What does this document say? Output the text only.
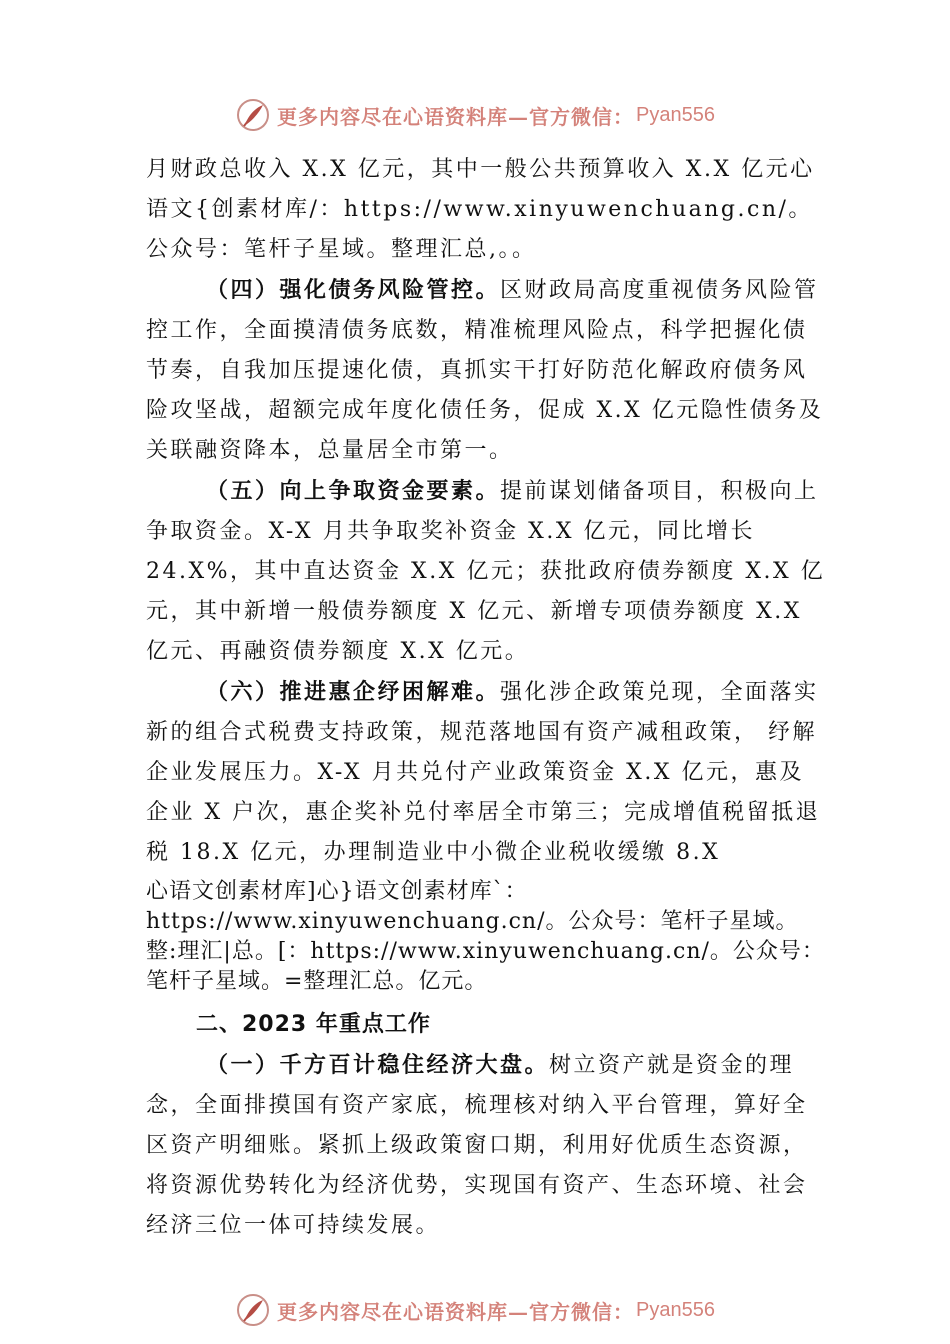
更多内容尽在心语资料库—官方微信： Pyan556

月财政总收入 X.X 亿元，其中一般公共预算收入 X.X 亿元心语文{创素材库/：https://www.xinyuwenchuang.cn/。公众号：笔杆子星域。整理汇总,。。

（四）强化债务风险管控。区财政局高度重视债务风险管控工作，全面摸清债务底数，精准梳理风险点，科学把握化债节奏，自我加压提速化债，真抓实干打好防范化解政府债务风险攻坚战，超额完成年度化债任务，促成 X.X 亿元隐性债务及关联融资降本，总量居全市第一。

（五）向上争取资金要素。提前谋划储备项目，积极向上争取资金。X-X 月共争取奖补资金 X.X 亿元，同比增长 24.X%，其中直达资金 X.X 亿元；获批政府债券额度 X.X 亿元，其中新增一般债券额度 X 亿元、新增专项债券额度 X.X 亿元、再融资债券额度 X.X 亿元。

（六）推进惠企纾困解难。强化涉企政策兑现，全面落实新的组合式税费支持政策，规范落地国有资产减租政策， 纾解企业发展压力。X-X 月共兑付产业政策资金 X.X 亿元，惠及企业 X 户次，惠企奖补兑付率居全市第三；完成增值税留抵退税 18.X 亿元，办理制造业中小微企业税收缓缴 8.X

心语文创素材库]心}语文创素材库`：https://www.xinyuwenchuang.cn/。公众号：笔杆子星域。整:理汇|总。[：https://www.xinyuwenchuang.cn/。公众号：笔杆子星域。=整理汇总。亿元。

二、2023 年重点工作

（一）千方百计稳住经济大盘。树立资产就是资金的理念，全面排摸国有资产家底，梳理核对纳入平台管理，算好全区资产明细账。紧抓上级政策窗口期，利用好优质生态资源，将资源优势转化为经济优势，实现国有资产、生态环境、社会经济三位一体可持续发展。

更多内容尽在心语资料库—官方微信： Pyan556
